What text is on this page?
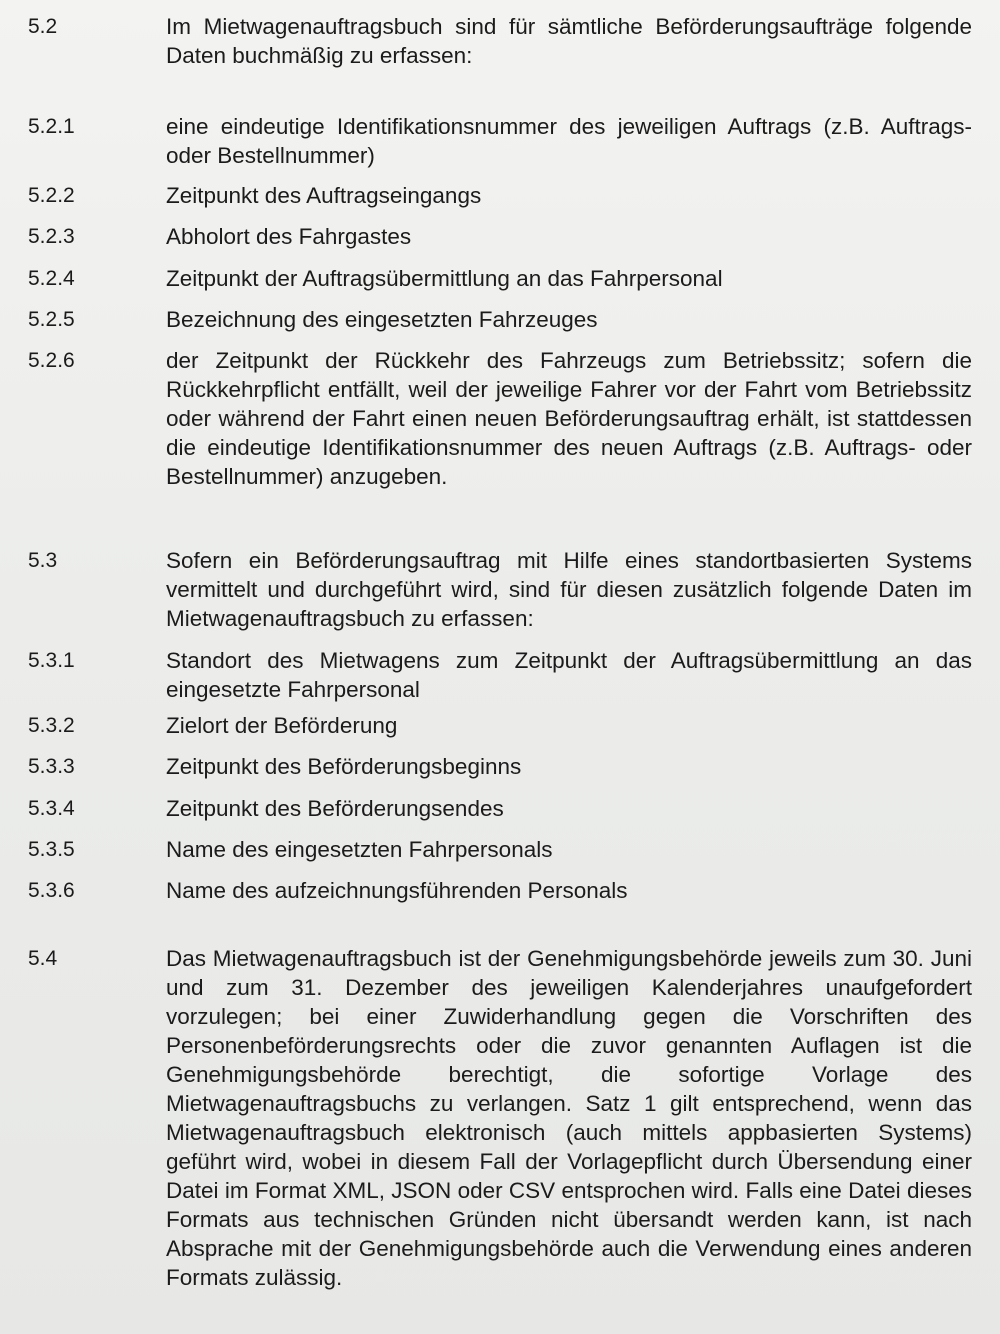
5.2	Im Mietwagenauftragsbuch sind für sämtliche Beförderungsaufträge folgende Daten buchmäßig zu erfassen:
5.2.1	eine eindeutige Identifikationsnummer des jeweiligen Auftrags (z.B. Auftrags- oder Bestellnummer)
5.2.2	Zeitpunkt des Auftragseingangs
5.2.3	Abholort des Fahrgastes
5.2.4	Zeitpunkt der Auftragsübermittlung an das Fahrpersonal
5.2.5	Bezeichnung des eingesetzten Fahrzeuges
5.2.6	der Zeitpunkt der Rückkehr des Fahrzeugs zum Betriebssitz; sofern die Rückkehrpflicht entfällt, weil der jeweilige Fahrer vor der Fahrt vom Betriebssitz oder während der Fahrt einen neuen Beförderungsauftrag erhält, ist stattdessen die eindeutige Identifikationsnummer des neuen Auftrags (z.B. Auftrags- oder Bestellnummer) anzugeben.
5.3	Sofern ein Beförderungsauftrag mit Hilfe eines standortbasierten Systems vermittelt und durchgeführt wird, sind für diesen zusätzlich folgende Daten im Mietwagenauftragsbuch zu erfassen:
5.3.1	Standort des Mietwagens zum Zeitpunkt der Auftragsübermittlung an das eingesetzte Fahrpersonal
5.3.2	Zielort der Beförderung
5.3.3	Zeitpunkt des Beförderungsbeginns
5.3.4	Zeitpunkt des Beförderungsendes
5.3.5	Name des eingesetzten Fahrpersonals
5.3.6	Name des aufzeichnungsführenden Personals
5.4	Das Mietwagenauftragsbuch ist der Genehmigungsbehörde jeweils zum 30. Juni und zum 31. Dezember des jeweiligen Kalenderjahres unaufgefordert vorzulegen; bei einer Zuwiderhandlung gegen die Vorschriften des Personenbeförderungsrechts oder die zuvor genannten Auflagen ist die Genehmigungsbehörde berechtigt, die sofortige Vorlage des Mietwagenauftragsbuchs zu verlangen. Satz 1 gilt entsprechend, wenn das Mietwagenauftragsbuch elektronisch (auch mittels appbasierten Systems) geführt wird, wobei in diesem Fall der Vorlagepflicht durch Übersendung einer Datei im Format XML, JSON oder CSV entsprochen wird. Falls eine Datei dieses Formats aus technischen Gründen nicht übersandt werden kann, ist nach Absprache mit der Genehmigungsbehörde auch die Verwendung eines anderen Formats zulässig.
